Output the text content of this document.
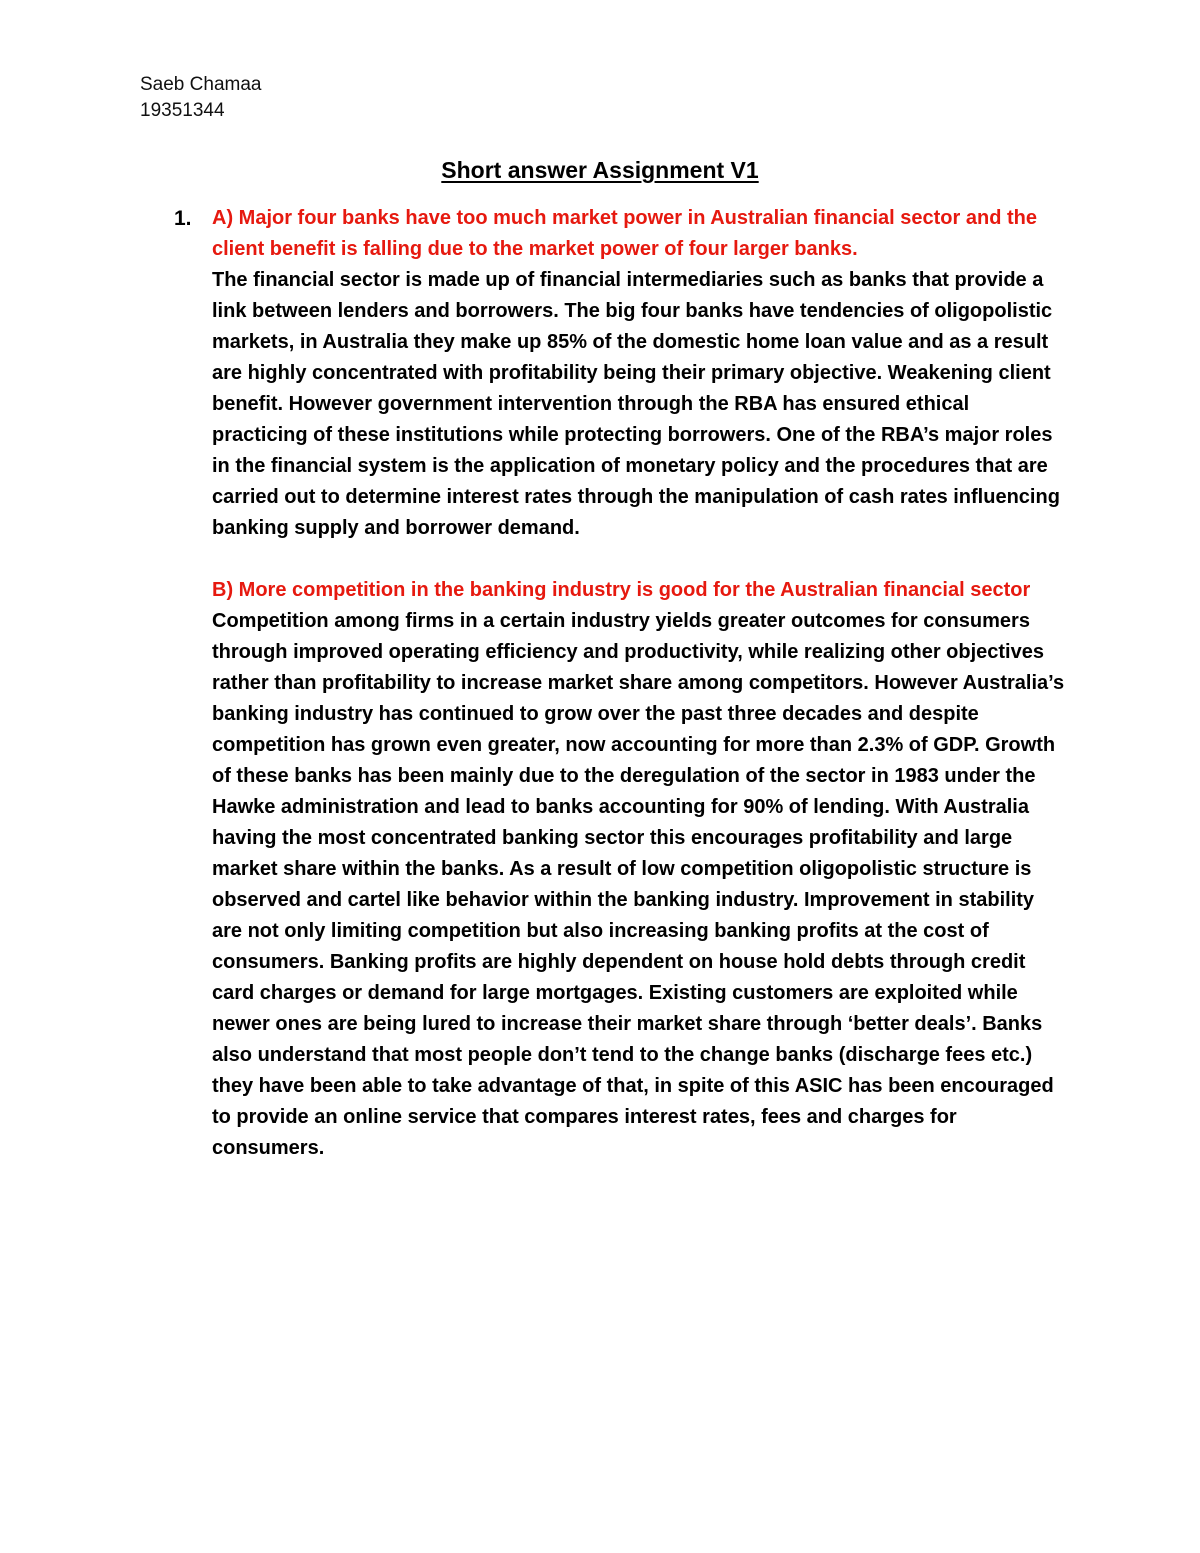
Saeb Chamaa
19351344
Short answer Assignment V1
1. A) Major four banks have too much market power in Australian financial sector and the client benefit is falling due to the market power of four larger banks.

The financial sector is made up of financial intermediaries such as banks that provide a link between lenders and borrowers. The big four banks have tendencies of oligopolistic markets, in Australia they make up 85% of the domestic home loan value and as a result are highly concentrated with profitability being their primary objective. Weakening client benefit. However government intervention through the RBA has ensured ethical practicing of these institutions while protecting borrowers. One of the RBA’s major roles in the financial system is the application of monetary policy and the procedures that are carried out to determine interest rates through the manipulation of cash rates influencing banking supply and borrower demand.

B) More competition in the banking industry is good for the Australian financial sector

Competition among firms in a certain industry yields greater outcomes for consumers through improved operating efficiency and productivity, while realizing other objectives rather than profitability to increase market share among competitors. However Australia’s banking industry has continued to grow over the past three decades and despite competition has grown even greater, now accounting for more than 2.3% of GDP. Growth of these banks has been mainly due to the deregulation of the sector in 1983 under the Hawke administration and lead to banks accounting for 90% of lending. With Australia having the most concentrated banking sector this encourages profitability and large market share within the banks. As a result of low competition oligopolistic structure is observed and cartel like behavior within the banking industry. Improvement in stability are not only limiting competition but also increasing banking profits at the cost of consumers. Banking profits are highly dependent on house hold debts through credit card charges or demand for large mortgages. Existing customers are exploited while newer ones are being lured to increase their market share through ‘better deals’. Banks also understand that most people don’t tend to the change banks (discharge fees etc.) they have been able to take advantage of that, in spite of this ASIC has been encouraged to provide an online service that compares interest rates, fees and charges for consumers.
